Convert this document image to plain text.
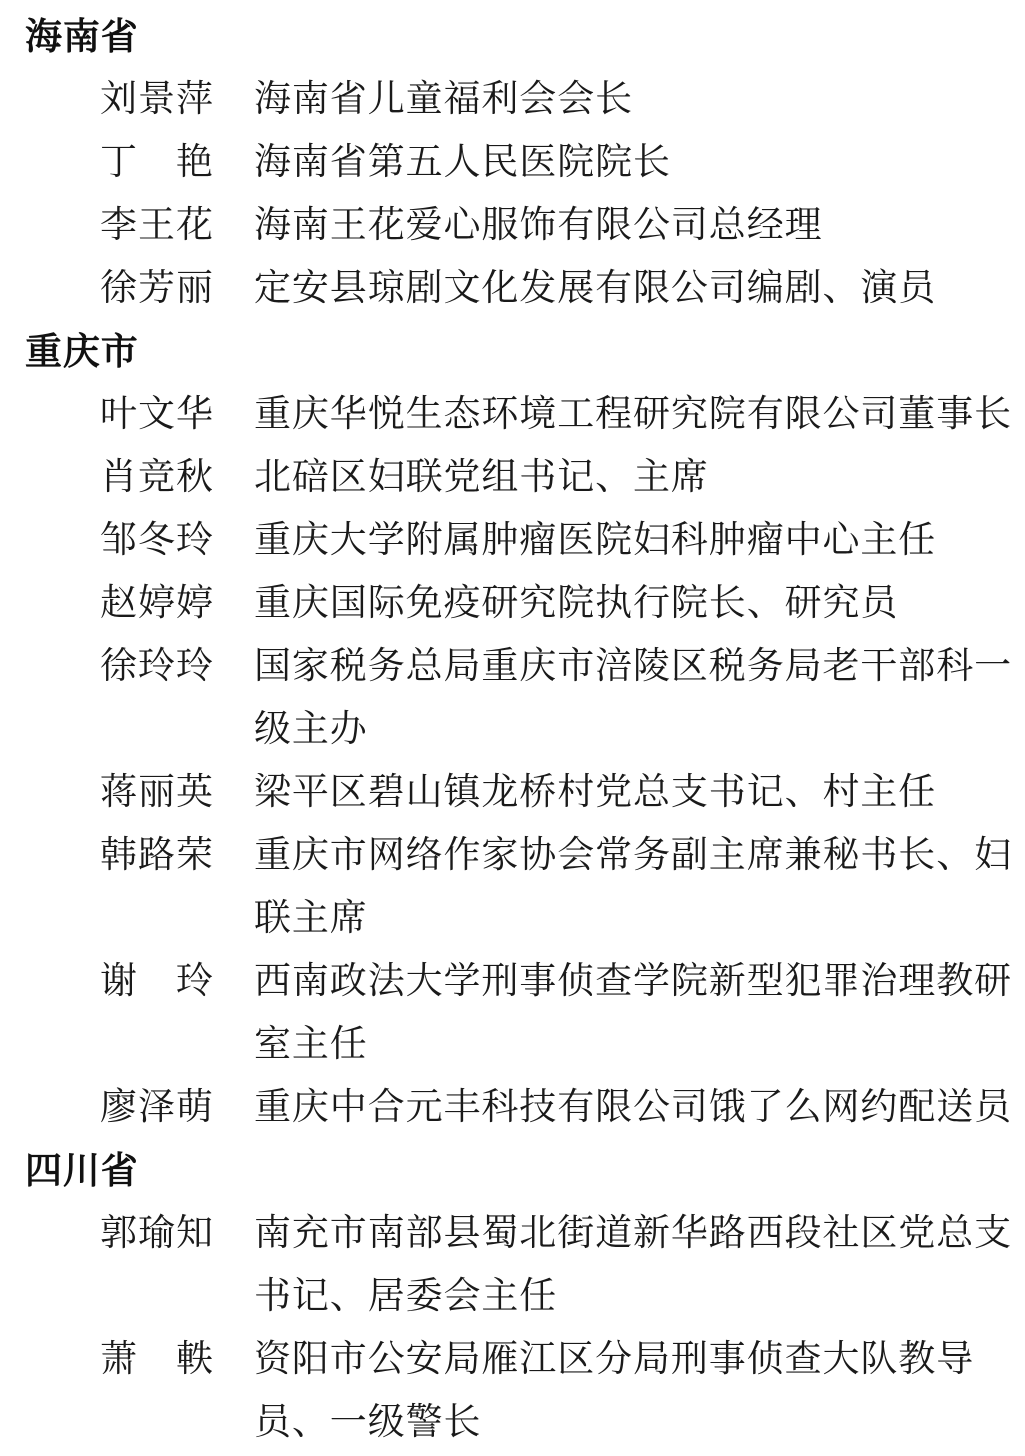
海南省
刘景萍 海南省儿童福利会会长
丁艳 海南省第五人民医院院长
李王花 海南王花爱心服饰有限公司总经理
徐芳丽 定安县琼剧文化发展有限公司编剧、演员
重庆市
叶文华 重庆华悦生态环境工程研究院有限公司董事长
肖竞秋 北碚区妇联党组书记、主席
邹冬玲 重庆大学附属肿瘤医院妇科肿瘤中心主任
赵婷婷 重庆国际免疫研究院执行院长、研究员
徐玲玲 国家税务总局重庆市涪陵区税务局老干部科一级主办
蒋丽英 梁平区碧山镇龙桥村党总支书记、村主任
韩路荣 重庆市网络作家协会常务副主席兼秘书长、妇联主席
谢玲 西南政法大学刑事侦查学院新型犯罪治理教研室主任
廖泽萌 重庆中合元丰科技有限公司饿了么网约配送员
四川省
郭瑜知 南充市南部县蜀北街道新华路西段社区党总支书记、居委会主任
萧軼 资阳市公安局雁江区分局刑事侦查大队教导员、一级警长
